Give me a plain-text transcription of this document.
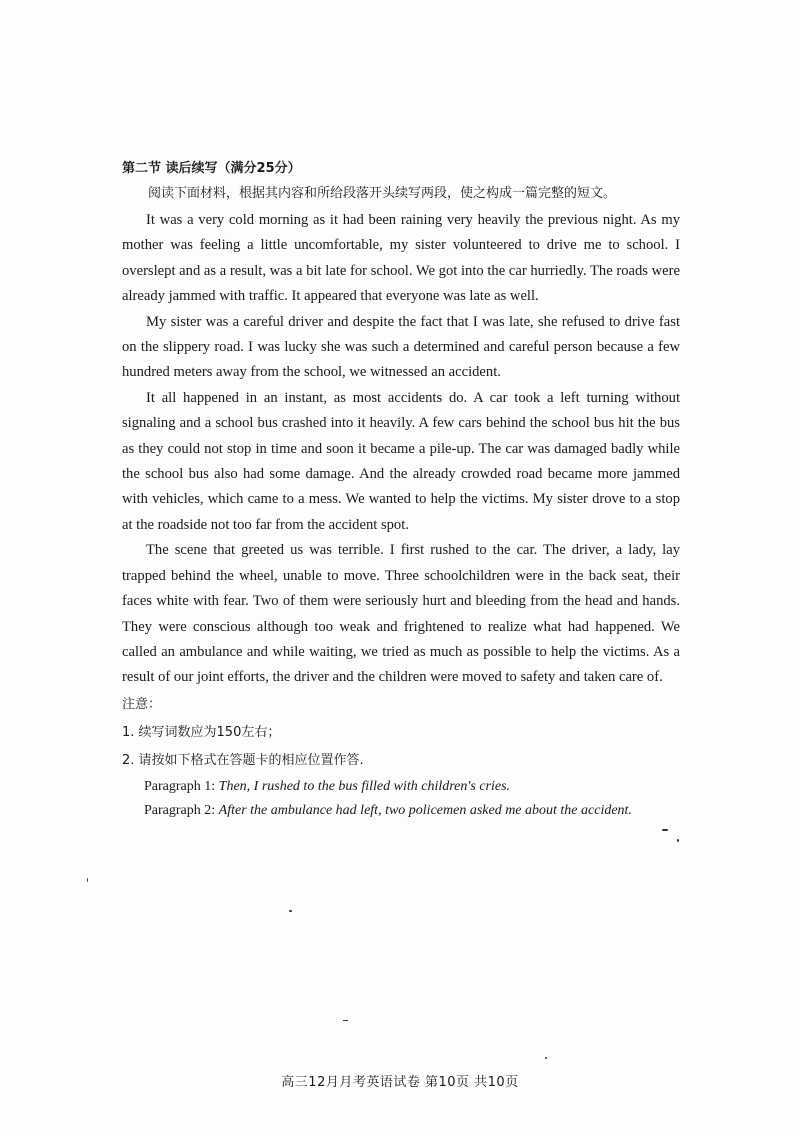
第二节 读后续写（满分25分）

阅读下面材料，根据其内容和所给段落开头续写两段，使之构成一篇完整的短文。

It was a very cold morning as it had been raining very heavily the previous night. As my mother was feeling a little uncomfortable, my sister volunteered to drive me to school. I overslept and as a result, was a bit late for school. We got into the car hurriedly. The roads were already jammed with traffic. It appeared that everyone was late as well.

My sister was a careful driver and despite the fact that I was late, she refused to drive fast on the slippery road. I was lucky she was such a determined and careful person because a few hundred meters away from the school, we witnessed an accident.

It all happened in an instant, as most accidents do. A car took a left turning without signaling and a school bus crashed into it heavily. A few cars behind the school bus hit the bus as they could not stop in time and soon it became a pile-up. The car was damaged badly while the school bus also had some damage. And the already crowded road became more jammed with vehicles, which came to a mess. We wanted to help the victims. My sister drove to a stop at the roadside not too far from the accident spot.

The scene that greeted us was terrible. I first rushed to the car. The driver, a lady, lay trapped behind the wheel, unable to move. Three schoolchildren were in the back seat, their faces white with fear. Two of them were seriously hurt and bleeding from the head and hands. They were conscious although too weak and frightened to realize what had happened. We called an ambulance and while waiting, we tried as much as possible to help the victims. As a result of our joint efforts, the driver and the children were moved to safety and taken care of.

注意：

1. 续写词数应为150左右；

2. 请按如下格式在答题卡的相应位置作答.

Paragraph 1: Then, I rushed to the bus filled with children's cries.

Paragraph 2: After the ambulance had left, two policemen asked me about the accident.

高三12月月考英语试卷 第10页 共10页
